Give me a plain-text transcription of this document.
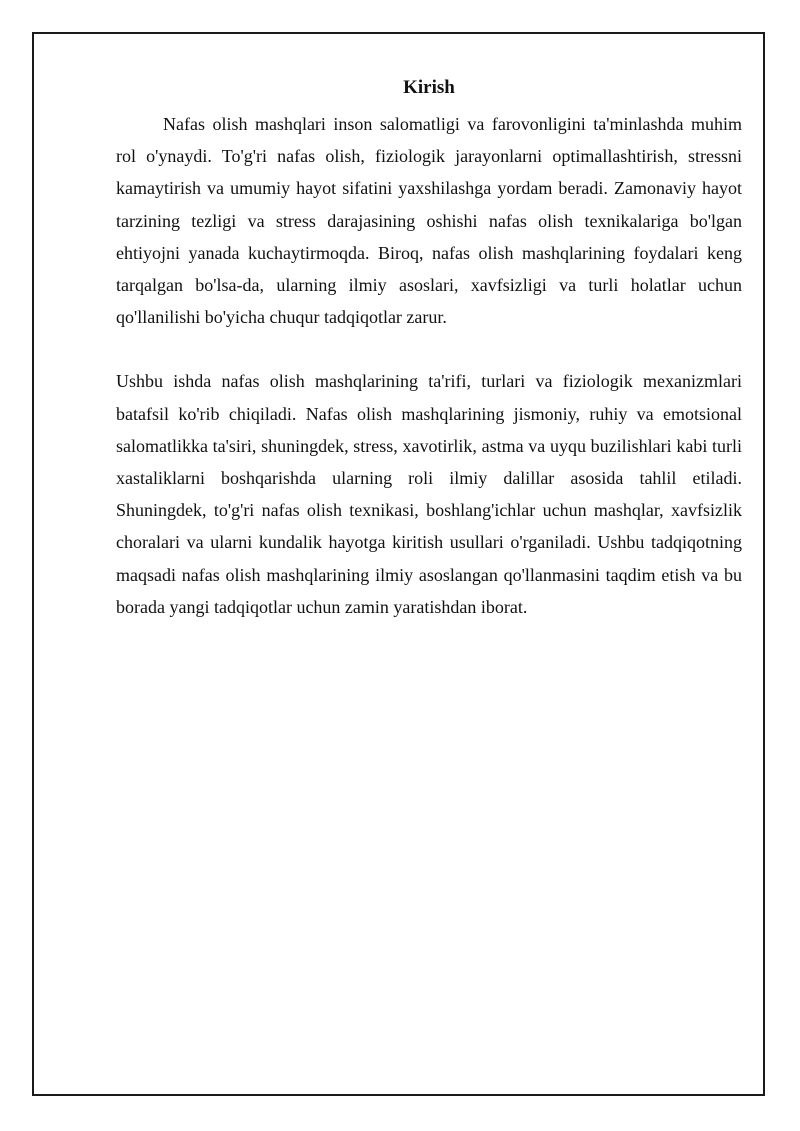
Kirish

Nafas olish mashqlari inson salomatligi va farovonligini ta'minlashda muhim rol o'ynaydi. To'g'ri nafas olish, fiziologik jarayonlarni optimallashtirish, stressni kamaytirish va umumiy hayot sifatini yaxshilashga yordam beradi. Zamonaviy hayot tarzining tezligi va stress darajasining oshishi nafas olish texnikalariga bo'lgan ehtiyojni yanada kuchaytirmoqda. Biroq, nafas olish mashqlarining foydalari keng tarqalgan bo'lsa-da, ularning ilmiy asoslari, xavfsizligi va turli holatlar uchun qo'llanilishi bo'yicha chuqur tadqiqotlar zarur.

Ushbu ishda nafas olish mashqlarining ta'rifi, turlari va fiziologik mexanizmlari batafsil ko'rib chiqiladi. Nafas olish mashqlarining jismoniy, ruhiy va emotsional salomatlikka ta'siri, shuningdek, stress, xavotirlik, astma va uyqu buzilishlari kabi turli xastaliklarni boshqarishda ularning roli ilmiy dalillar asosida tahlil etiladi. Shuningdek, to'g'ri nafas olish texnikasi, boshlang'ichlar uchun mashqlar, xavfsizlik choralari va ularni kundalik hayotga kiritish usullari o'rganiladi. Ushbu tadqiqotning maqsadi nafas olish mashqlarining ilmiy asoslangan qo'llanmasini taqdim etish va bu borada yangi tadqiqotlar uchun zamin yaratishdan iborat.
